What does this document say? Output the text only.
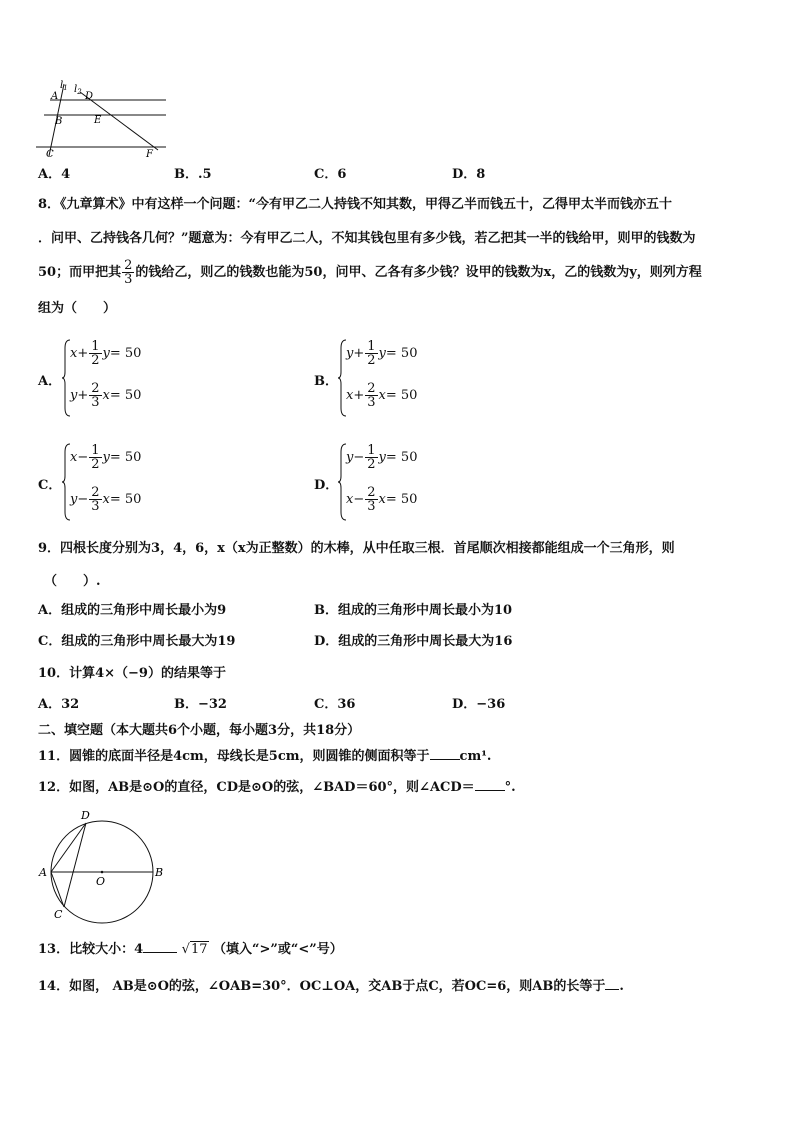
$l_1$ $l_2$
A	D
B	E
C	F
A．4	B．.5	C．6	D．8
8．《九章算术》中有这样一个问题：“今有甲乙二人持钱不知其数，甲得乙半而钱五十，乙得甲太半而钱亦五十
．问甲、乙持钱各几何？”题意为：今有甲乙二人，不知其钱包里有多少钱，若乙把其一半的钱给甲，则甲的钱数为
50；而甲把其 $\frac{2}{3}$ 的钱给乙，则乙的钱数也能为50，问甲、乙各有多少钱？设甲的钱数为x，乙的钱数为y，则列方程
组为（　　）
A．
$x+ \frac{1}{2} y= 50$
$y+ \frac{2}{3} x= 50$
B．
$y+ \frac{1}{2} y= 50$
$x+ \frac{2}{3} x= 50$
C．
$x- \frac{1}{2} y= 50$
$y- \frac{2}{3} x= 50$
D．
$y- \frac{1}{2} y= 50$
$x- \frac{2}{3} x= 50$
9．四根长度分别为3，4，6，x（x为正整数）的木棒，从中任取三根．首尾顺次相接都能组成一个三角形，则
（　　）.
A．组成的三角形中周长最小为9	B．组成的三角形中周长最小为10
C．组成的三角形中周长最大为19	D．组成的三角形中周长最大为16
10．计算4×（−9）的结果等于
A．32	B．−32	C．36	D．−36
二、填空题（本大题共6个小题，每小题3分，共18分）
11．圆锥的底面半径是4cm，母线长是5cm，则圆锥的侧面积等于 cm¹.
12．如图，AB是⊙O的直径，CD是⊙O的弦，∠BAD＝60°，则∠ACD＝ °.
D
A	B
O
C
13．比较大小：4	√17 （填入“>”或“<”号）
14．如图， AB是⊙O的弦，∠OAB=30°．OC⊥OA，交AB于点C，若OC=6，则AB的长等于 .
